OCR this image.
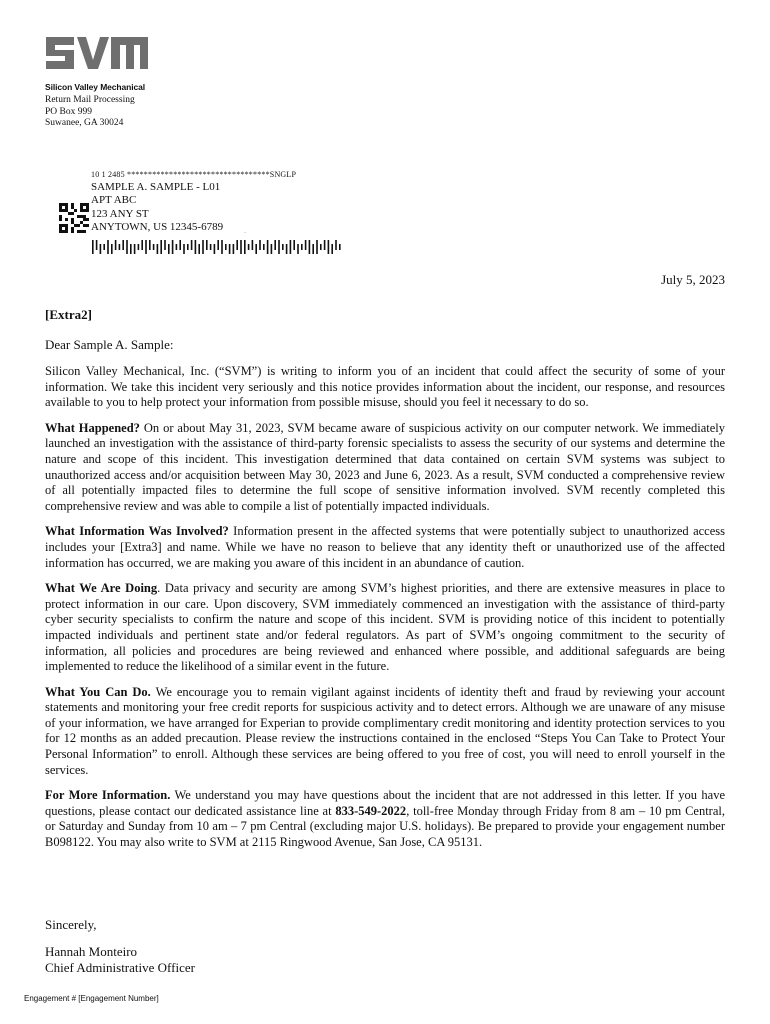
SVM
Silicon Valley Mechanical
Return Mail Processing
PO Box 999
Suwanee, GA 30024
10 1 2485 **********************************SNGLP
SAMPLE A. SAMPLE - L01
APT ABC
123 ANY ST
ANYTOWN, US 12345-6789
July 5, 2023
[Extra2]
Dear Sample A. Sample:

Silicon Valley Mechanical, Inc. (“SVM”) is writing to inform you of an incident that could affect the security of some of your information. We take this incident very seriously and this notice provides information about the incident, our response, and resources available to you to help protect your information from possible misuse, should you feel it necessary to do so.

What Happened? On or about May 31, 2023, SVM became aware of suspicious activity on our computer network. We immediately launched an investigation with the assistance of third-party forensic specialists to assess the security of our systems and determine the nature and scope of this incident. This investigation determined that data contained on certain SVM systems was subject to unauthorized access and/or acquisition between May 30, 2023 and June 6, 2023. As a result, SVM conducted a comprehensive review of all potentially impacted files to determine the full scope of sensitive information involved. SVM recently completed this comprehensive review and was able to compile a list of potentially impacted individuals.

What Information Was Involved? Information present in the affected systems that were potentially subject to unauthorized access includes your [Extra3] and name. While we have no reason to believe that any identity theft or unauthorized use of the affected information has occurred, we are making you aware of this incident in an abundance of caution.

What We Are Doing. Data privacy and security are among SVM’s highest priorities, and there are extensive measures in place to protect information in our care. Upon discovery, SVM immediately commenced an investigation with the assistance of third-party cyber security specialists to confirm the nature and scope of this incident. SVM is providing notice of this incident to potentially impacted individuals and pertinent state and/or federal regulators. As part of SVM’s ongoing commitment to the security of information, all policies and procedures are being reviewed and enhanced where possible, and additional safeguards are being implemented to reduce the likelihood of a similar event in the future.

What You Can Do. We encourage you to remain vigilant against incidents of identity theft and fraud by reviewing your account statements and monitoring your free credit reports for suspicious activity and to detect errors. Although we are unaware of any misuse of your information, we have arranged for Experian to provide complimentary credit monitoring and identity protection services to you for 12 months as an added precaution. Please review the instructions contained in the enclosed “Steps You Can Take to Protect Your Personal Information” to enroll. Although these services are being offered to you free of cost, you will need to enroll yourself in the services.

For More Information. We understand you may have questions about the incident that are not addressed in this letter. If you have questions, please contact our dedicated assistance line at 833-549-2022, toll-free Monday through Friday from 8 am – 10 pm Central, or Saturday and Sunday from 10 am – 7 pm Central (excluding major U.S. holidays). Be prepared to provide your engagement number B098122. You may also write to SVM at 2115 Ringwood Avenue, San Jose, CA 95131.

Sincerely,
Hannah Monteiro
Chief Administrative Officer
Engagement # [Engagement Number]
